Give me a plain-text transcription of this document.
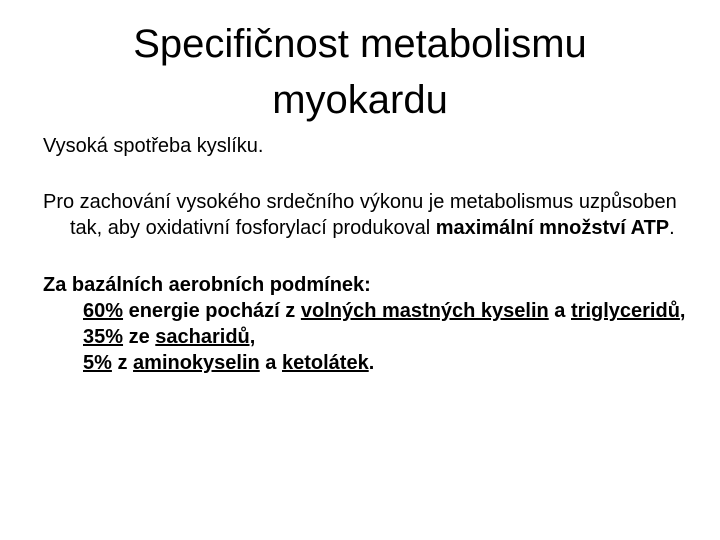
Specifičnost metabolismu
myokardu

Vysoká spotřeba kyslíku.

Pro zachování vysokého srdečního výkonu je metabolismus uzpůsoben tak, aby oxidativní fosforylací produkoval maximální množství ATP.

Za bazálních aerobních podmínek:

60% energie pochází z volných mastných kyselin a triglyceridů,

35% ze sacharidů,

5% z aminokyselin a ketolátek.
